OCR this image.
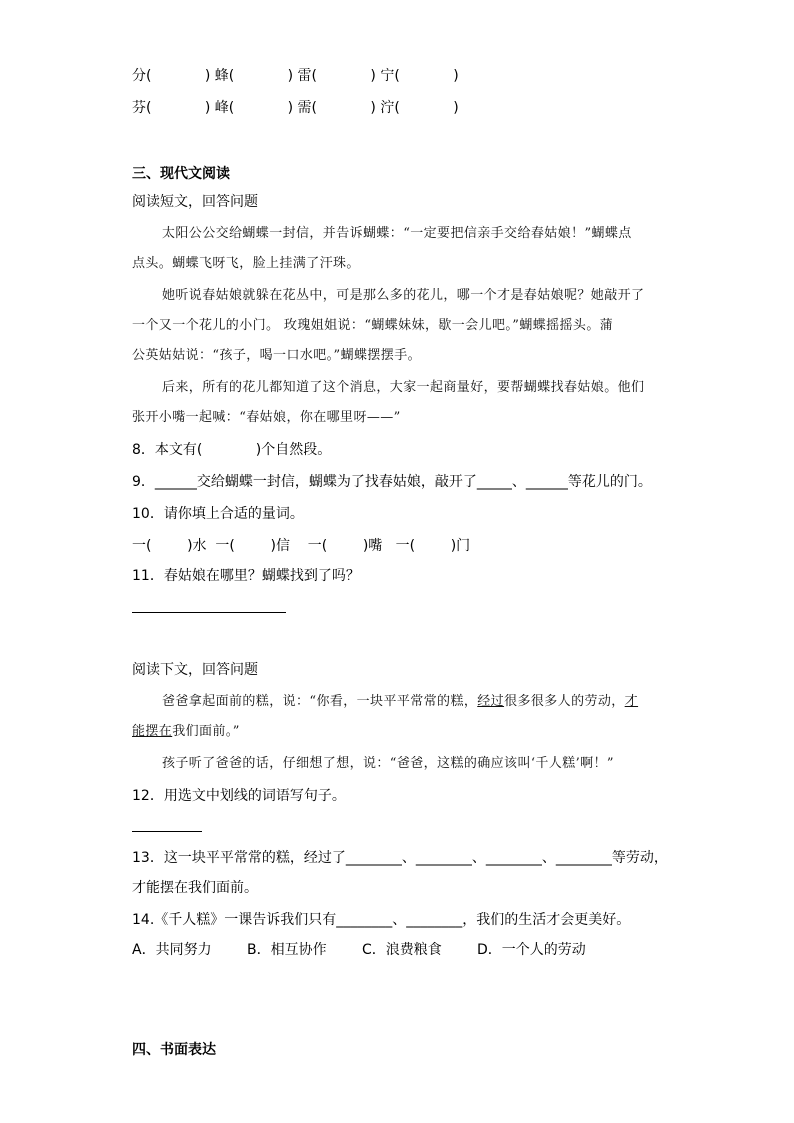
分(            ) 蜂(            ) 雷(            ) 宁(            )
芬(            ) 峰(            ) 需(            ) 泞(            )
三、现代文阅读
阅读短文，回答问题
太阳公公交给蝴蝶一封信，并告诉蝴蝶：“一定要把信亲手交给春姑娘！”蝴蝶点
点头。蝴蝶飞呀飞，脸上挂满了汗珠。
她听说春姑娘就躲在花丛中，可是那么多的花儿，哪一个才是春姑娘呢？她敲开了
一个又一个花儿的小门。 玫瑰姐姐说：“蝴蝶妹妹，歇一会儿吧。”蝴蝶摇摇头。蒲
公英姑姑说：“孩子，喝一口水吧。”蝴蝶摆摆手。
后来，所有的花儿都知道了这个消息，大家一起商量好，要帮蝴蝶找春姑娘。他们
张开小嘴一起喊：“春姑娘，你在哪里呀——”
8．本文有(            )个自然段。
9．______交给蝴蝶一封信，蝴蝶为了找春姑娘，敲开了_____、______等花儿的门。
10．请你填上合适的量词。
一(        )水  一(        )信    一(        )嘴   一(        )门
11．春姑娘在哪里？蝴蝶找到了吗？
阅读下文，回答问题
爸爸拿起面前的糕，说：“你看，一块平平常常的糕，经过很多很多人的劳动，才
能摆在我们面前。”
孩子听了爸爸的话，仔细想了想，说：“爸爸，这糕的确应该叫‘千人糕’啊！”
12．用选文中划线的词语写句子。
13．这一块平平常常的糕，经过了________、________、________、________等劳动，
才能摆在我们面前。
14.《千人糕》一课告诉我们只有________、________，我们的生活才会更美好。
A．共同努力	B．相互协作	C．浪费粮食	D．一个人的劳动
四、书面表达
